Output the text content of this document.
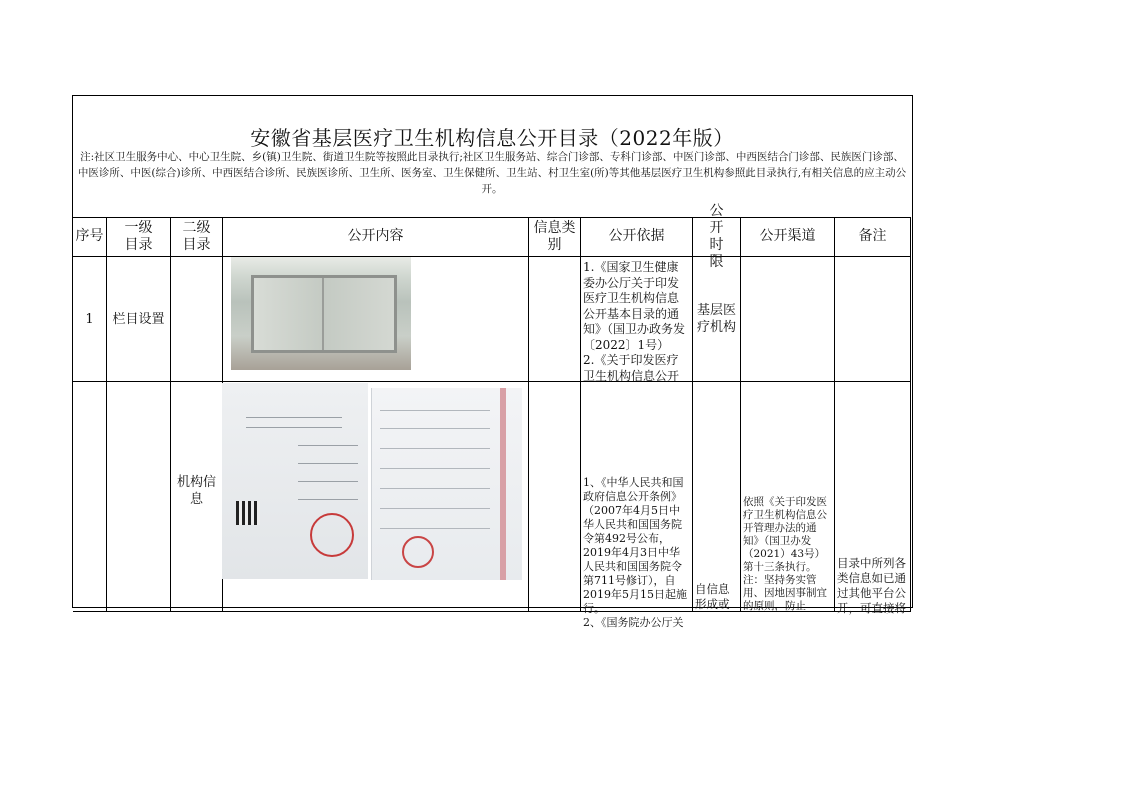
安徽省基层医疗卫生机构信息公开目录（2022年版）
注:社区卫生服务中心、中心卫生院、乡(镇)卫生院、街道卫生院等按照此目录执行;社区卫生服务站、综合门诊部、专科门诊部、中医门诊部、中西医结合门诊部、民族医门诊部、中医诊所、中医(综合)诊所、中西医结合诊所、民族医诊所、卫生所、医务室、卫生保健所、卫生站、村卫生室(所)等其他基层医疗卫生机构参照此目录执行,有相关信息的应主动公开。
序号
一级目录
二级目录
公开内容
信息类别
公开依据
公开时限
公开渠道	备注
1	栏目设置
1.《国家卫生健康委办公厅关于印发医疗卫生机构信息公开基本目录的通知》（国卫办政务发〔2022〕1号）
2.《关于印发医疗卫生机构信息公开
基层医疗机构
机构信息
1、《中华人民共和国政府信息公开条例》（2007年4月5日中华人民共和国国务院令第492号公布，2019年4月3日中华人民共和国国务院令第711号修订），自2019年5月15日起施行。
2、《国务院办公厅关
自信息形成或
依照《关于印发医疗卫生机构信息公开管理办法的通知》（国卫办发（2021）43号）第十三条执行。
注：坚持务实管用、因地因事制宜的原则，防止
目录中所列各类信息如已通过其他平台公开，可直接将
